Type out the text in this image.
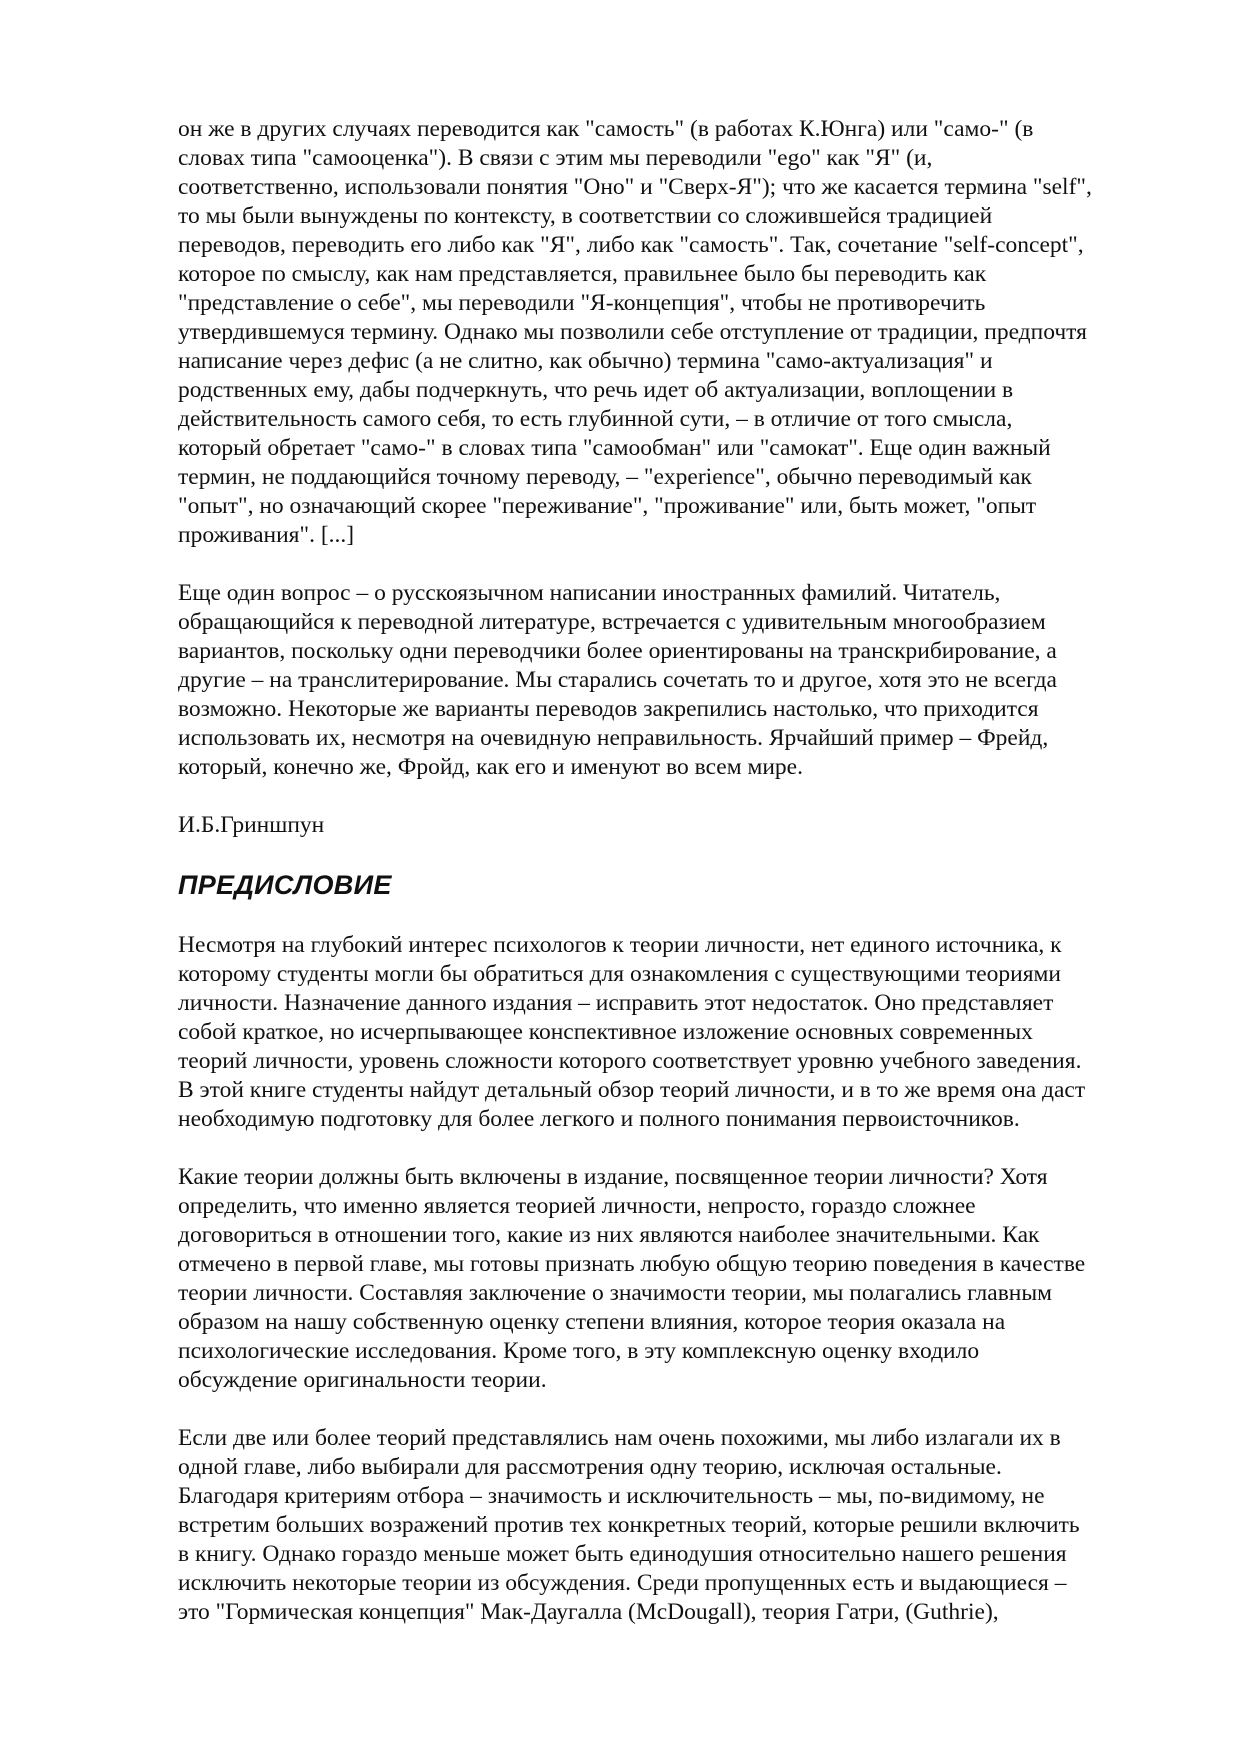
он же в других случаях переводится как "самость" (в работах К.Юнга) или "само-" (в
словах типа "самооценка"). В связи с этим мы переводили "ego" как "Я" (и,
соответственно, использовали понятия "Оно" и "Сверх-Я"); что же касается термина "self",
то мы были вынуждены по контексту, в соответствии со сложившейся традицией
переводов, переводить его либо как "Я", либо как "самость". Так, сочетание "self-concept",
которое по смыслу, как нам представляется, правильнее было бы переводить как
"представление о себе", мы переводили "Я-концепция", чтобы не противоречить
утвердившемуся термину. Однако мы позволили себе отступление от традиции, предпочтя
написание через дефис (а не слитно, как обычно) термина "само-актуализация" и
родственных ему, дабы подчеркнуть, что речь идет об актуализации, воплощении в
действительность самого себя, то есть глубинной сути, – в отличие от того смысла,
который обретает "само-" в словах типа "самообман" или "самокат". Еще один важный
термин, не поддающийся точному переводу, – "experience", обычно переводимый как
"опыт", но означающий скорее "переживание", "проживание" или, быть может, "опыт
проживания". [...]

Еще один вопрос – о русскоязычном написании иностранных фамилий. Читатель,
обращающийся к переводной литературе, встречается с удивительным многообразием
вариантов, поскольку одни переводчики более ориентированы на транскрибирование, а
другие – на транслитерирование. Мы старались сочетать то и другое, хотя это не всегда
возможно. Некоторые же варианты переводов закрепились настолько, что приходится
использовать их, несмотря на очевидную неправильность. Ярчайший пример – Фрейд,
который, конечно же, Фройд, как его и именуют во всем мире.

И.Б.Гриншпун

ПРЕДИСЛОВИЕ

Несмотря на глубокий интерес психологов к теории личности, нет единого источника, к
которому студенты могли бы обратиться для ознакомления с существующими теориями
личности. Назначение данного издания – исправить этот недостаток. Оно представляет
собой краткое, но исчерпывающее конспективное изложение основных современных
теорий личности, уровень сложности которого соответствует уровню учебного заведения.
В этой книге студенты найдут детальный обзор теорий личности, и в то же время она даст
необходимую подготовку для более легкого и полного понимания первоисточников.

Какие теории должны быть включены в издание, посвященное теории личности? Хотя
определить, что именно является теорией личности, непросто, гораздо сложнее
договориться в отношении того, какие из них являются наиболее значительными. Как
отмечено в первой главе, мы готовы признать любую общую теорию поведения в качестве
теории личности. Составляя заключение о значимости теории, мы полагались главным
образом на нашу собственную оценку степени влияния, которое теория оказала на
психологические исследования. Кроме того, в эту комплексную оценку входило
обсуждение оригинальности теории.

Если две или более теорий представлялись нам очень похожими, мы либо излагали их в
одной главе, либо выбирали для рассмотрения одну теорию, исключая остальные.
Благодаря критериям отбора – значимость и исключительность – мы, по-видимому, не
встретим больших возражений против тех конкретных теорий, которые решили включить
в книгу. Однако гораздо меньше может быть единодушия относительно нашего решения
исключить некоторые теории из обсуждения. Среди пропущенных есть и выдающиеся –
это "Гормическая концепция" Мак-Даугалла (McDougall), теория Гатри, (Guthrie),
